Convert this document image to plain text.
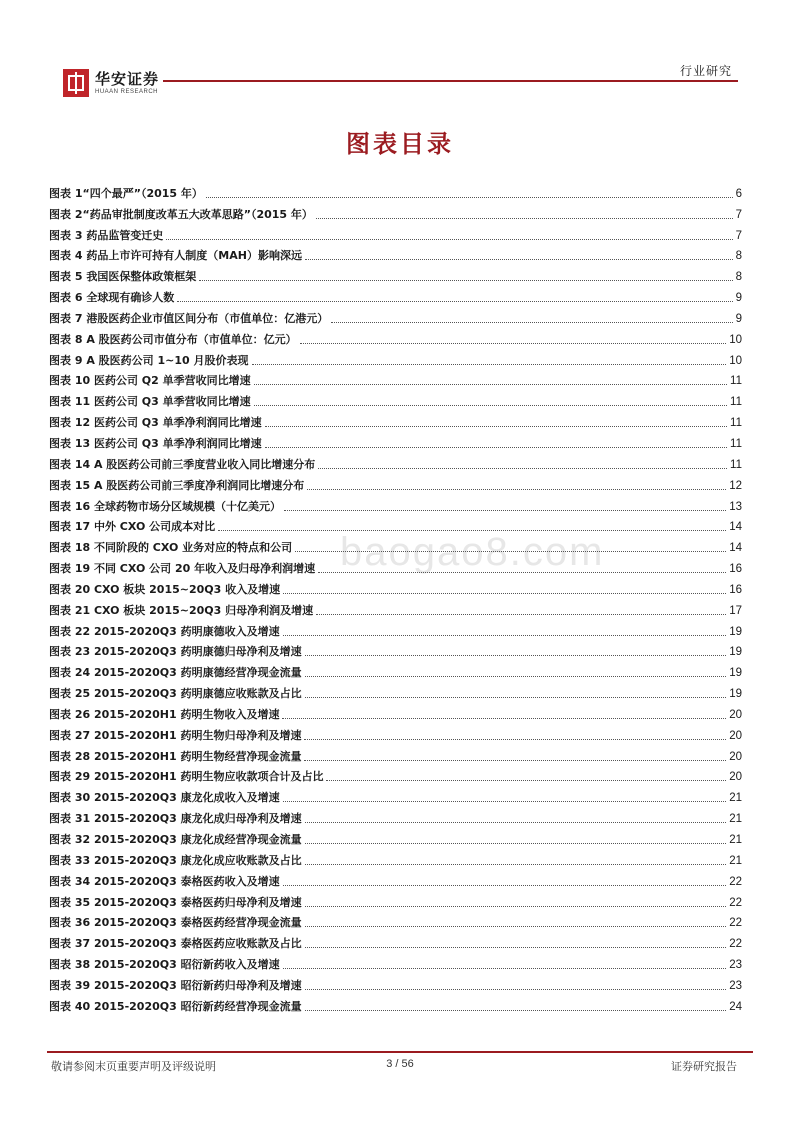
华安证券
HUAAN RESEARCH
行业研究
图表目录
baogao8.com
图表 1“四个最严”（2015 年）	6
图表 2“药品审批制度改革五大改革思路”（2015 年）	7
图表 3 药品监管变迁史	7
图表 4 药品上市许可持有人制度（MAH）影响深远	8
图表 5 我国医保整体政策框架	8
图表 6 全球现有确诊人数	9
图表 7 港股医药企业市值区间分布（市值单位：亿港元）	9
图表 8 A 股医药公司市值分布（市值单位：亿元）	10
图表 9 A 股医药公司 1~10 月股价表现	10
图表 10 医药公司 Q2 单季营收同比增速	11
图表 11 医药公司 Q3 单季营收同比增速	11
图表 12 医药公司 Q3 单季净利润同比增速	11
图表 13 医药公司 Q3 单季净利润同比增速	11
图表 14 A 股医药公司前三季度营业收入同比增速分布	11
图表 15 A 股医药公司前三季度净利润同比增速分布	12
图表 16 全球药物市场分区域规模（十亿美元）	13
图表 17 中外 CXO 公司成本对比	14
图表 18 不同阶段的 CXO 业务对应的特点和公司	14
图表 19 不同 CXO 公司 20 年收入及归母净利润增速	16
图表 20 CXO 板块 2015~20Q3 收入及增速	16
图表 21 CXO 板块 2015~20Q3 归母净利润及增速	17
图表 22 2015-2020Q3 药明康德收入及增速	19
图表 23 2015-2020Q3 药明康德归母净利及增速	19
图表 24 2015-2020Q3 药明康德经营净现金流量	19
图表 25 2015-2020Q3 药明康德应收账款及占比	19
图表 26 2015-2020H1 药明生物收入及增速	20
图表 27 2015-2020H1 药明生物归母净利及增速	20
图表 28 2015-2020H1 药明生物经营净现金流量	20
图表 29 2015-2020H1 药明生物应收款项合计及占比	20
图表 30 2015-2020Q3 康龙化成收入及增速	21
图表 31 2015-2020Q3 康龙化成归母净利及增速	21
图表 32 2015-2020Q3 康龙化成经营净现金流量	21
图表 33 2015-2020Q3 康龙化成应收账款及占比	21
图表 34 2015-2020Q3 泰格医药收入及增速	22
图表 35 2015-2020Q3 泰格医药归母净利及增速	22
图表 36 2015-2020Q3 泰格医药经营净现金流量	22
图表 37 2015-2020Q3 泰格医药应收账款及占比	22
图表 38 2015-2020Q3 昭衍新药收入及增速	23
图表 39 2015-2020Q3 昭衍新药归母净利及增速	23
图表 40 2015-2020Q3 昭衍新药经营净现金流量	24
敬请参阅末页重要声明及评级说明	3 / 56	证券研究报告
